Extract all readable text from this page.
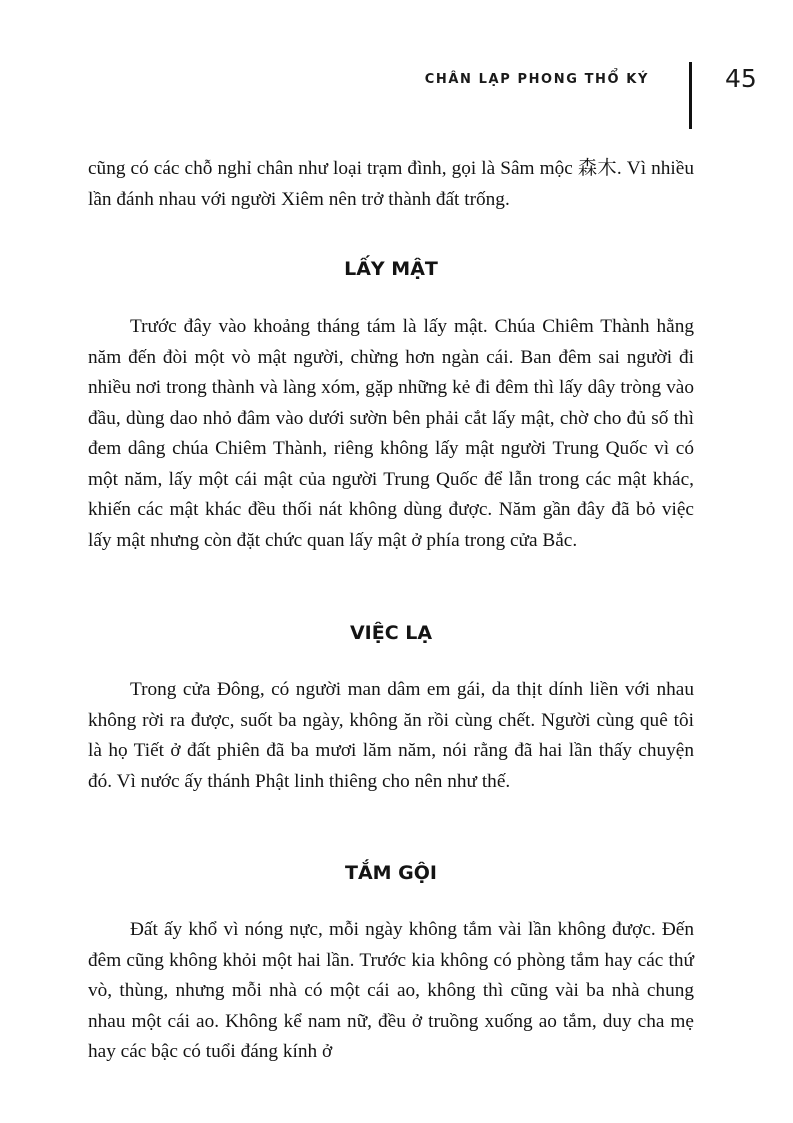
CHÂN LẠP PHONG THỔ KÝ	45

cũng có các chỗ nghỉ chân như loại trạm đình, gọi là Sâm mộc 森木. Vì nhiều lần đánh nhau với người Xiêm nên trở thành đất trống.

LẤY MẬT

Trước đây vào khoảng tháng tám là lấy mật. Chúa Chiêm Thành hằng năm đến đòi một vò mật người, chừng hơn ngàn cái. Ban đêm sai người đi nhiều nơi trong thành và làng xóm, gặp những kẻ đi đêm thì lấy dây tròng vào đầu, dùng dao nhỏ đâm vào dưới sườn bên phải cắt lấy mật, chờ cho đủ số thì đem dâng chúa Chiêm Thành, riêng không lấy mật người Trung Quốc vì có một năm, lấy một cái mật của người Trung Quốc để lẫn trong các mật khác, khiến các mật khác đều thối nát không dùng được. Năm gần đây đã bỏ việc lấy mật nhưng còn đặt chức quan lấy mật ở phía trong cửa Bắc.

VIỆC LẠ

Trong cửa Đông, có người man dâm em gái, da thịt dính liền với nhau không rời ra được, suốt ba ngày, không ăn rồi cùng chết. Người cùng quê tôi là họ Tiết ở đất phiên đã ba mươi lăm năm, nói rằng đã hai lần thấy chuyện đó. Vì nước ấy thánh Phật linh thiêng cho nên như thế.

TẮM GỘI

Đất ấy khổ vì nóng nực, mỗi ngày không tắm vài lần không được. Đến đêm cũng không khỏi một hai lần. Trước kia không có phòng tắm hay các thứ vò, thùng, nhưng mỗi nhà có một cái ao, không thì cũng vài ba nhà chung nhau một cái ao. Không kể nam nữ, đều ở truồng xuống ao tắm, duy cha mẹ hay các bậc có tuổi đáng kính ở
